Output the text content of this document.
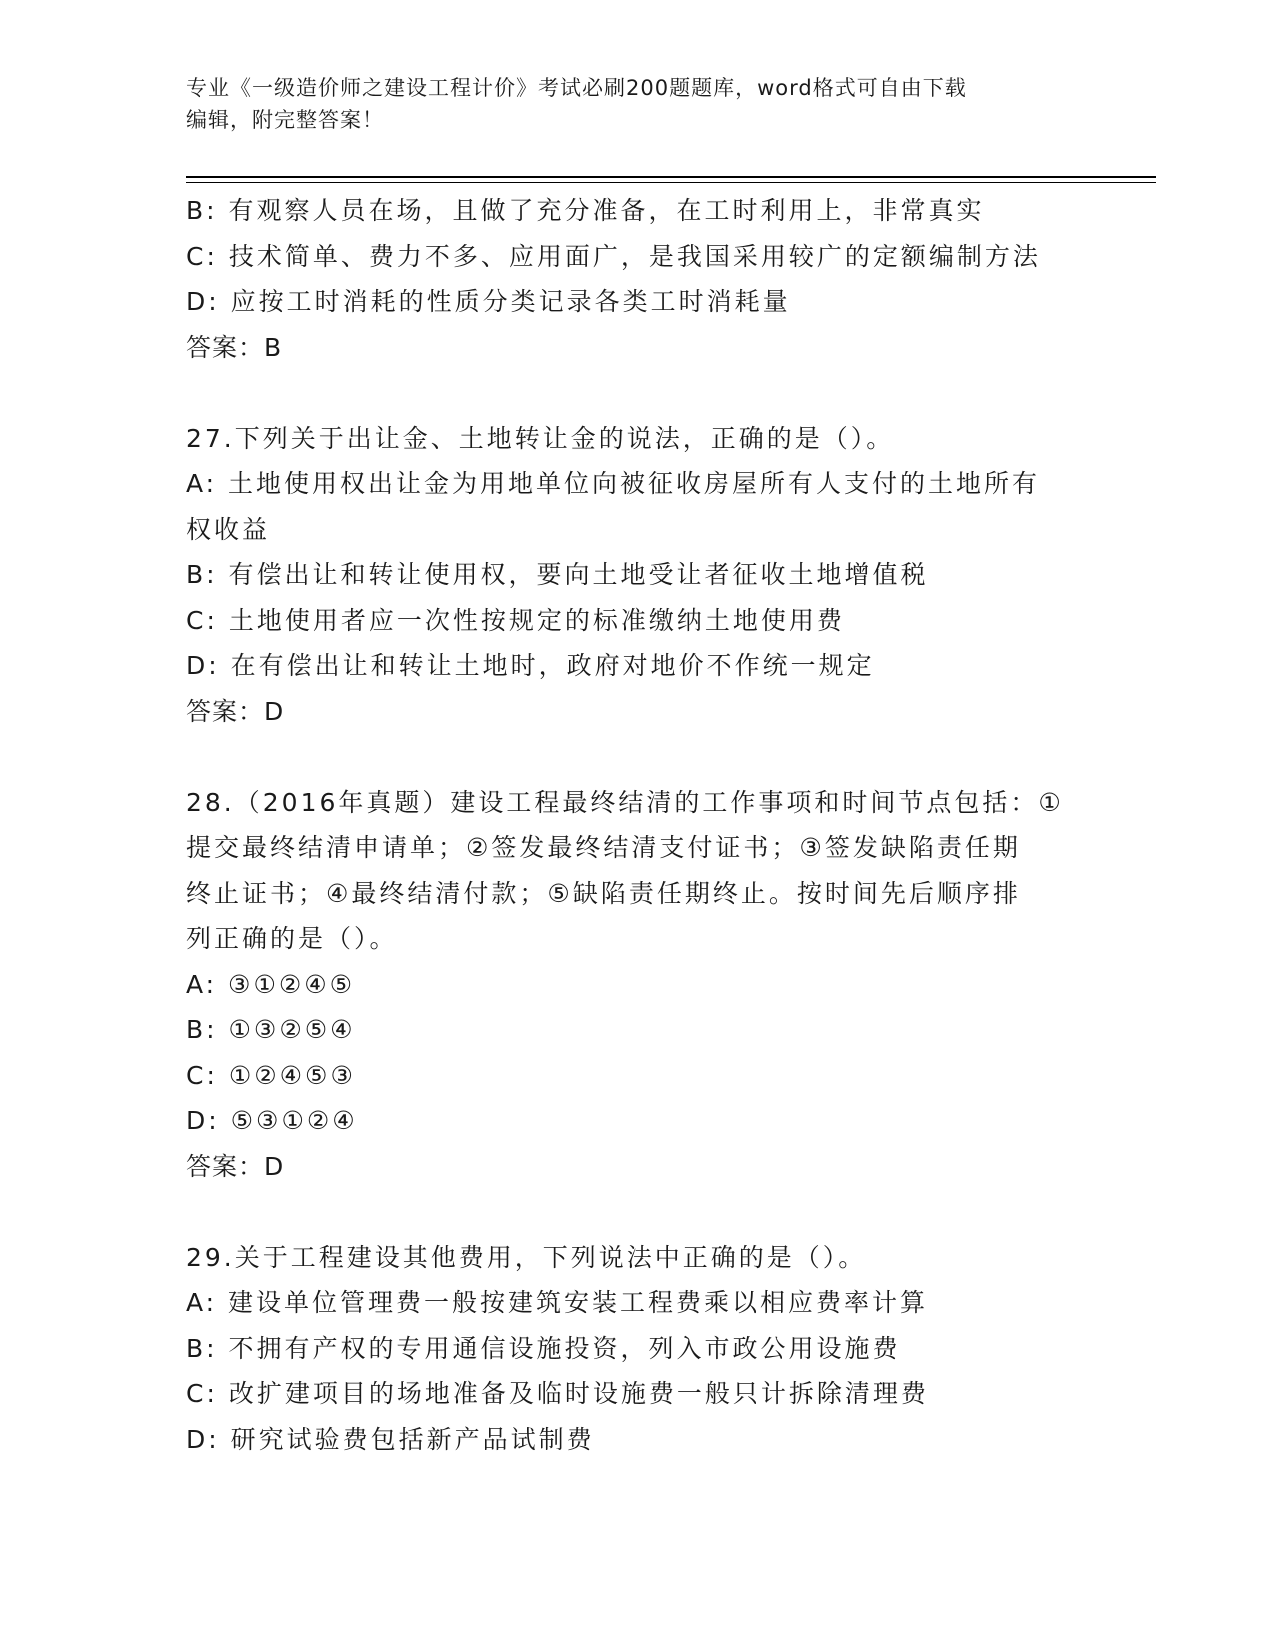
专业《一级造价师之建设工程计价》考试必刷200题题库，word格式可自由下载
编辑，附完整答案！
B: 有观察人员在场，且做了充分准备，在工时利用上，非常真实
C: 技术简单、费力不多、应用面广，是我国采用较广的定额编制方法
D: 应按工时消耗的性质分类记录各类工时消耗量
答案：B
27.下列关于出让金、土地转让金的说法，正确的是（）。
A: 土地使用权出让金为用地单位向被征收房屋所有人支付的土地所有
权收益
B: 有偿出让和转让使用权，要向土地受让者征收土地增值税
C: 土地使用者应一次性按规定的标准缴纳土地使用费
D: 在有偿出让和转让土地时，政府对地价不作统一规定
答案：D
28.（2016年真题）建设工程最终结清的工作事项和时间节点包括：①
提交最终结清申请单；②签发最终结清支付证书；③签发缺陷责任期
终止证书；④最终结清付款；⑤缺陷责任期终止。按时间先后顺序排
列正确的是（）。
A: ③①②④⑤
B: ①③②⑤④
C: ①②④⑤③
D: ⑤③①②④
答案：D
29.关于工程建设其他费用，下列说法中正确的是（）。
A: 建设单位管理费一般按建筑安装工程费乘以相应费率计算
B: 不拥有产权的专用通信设施投资，列入市政公用设施费
C: 改扩建项目的场地准备及临时设施费一般只计拆除清理费
D: 研究试验费包括新产品试制费
